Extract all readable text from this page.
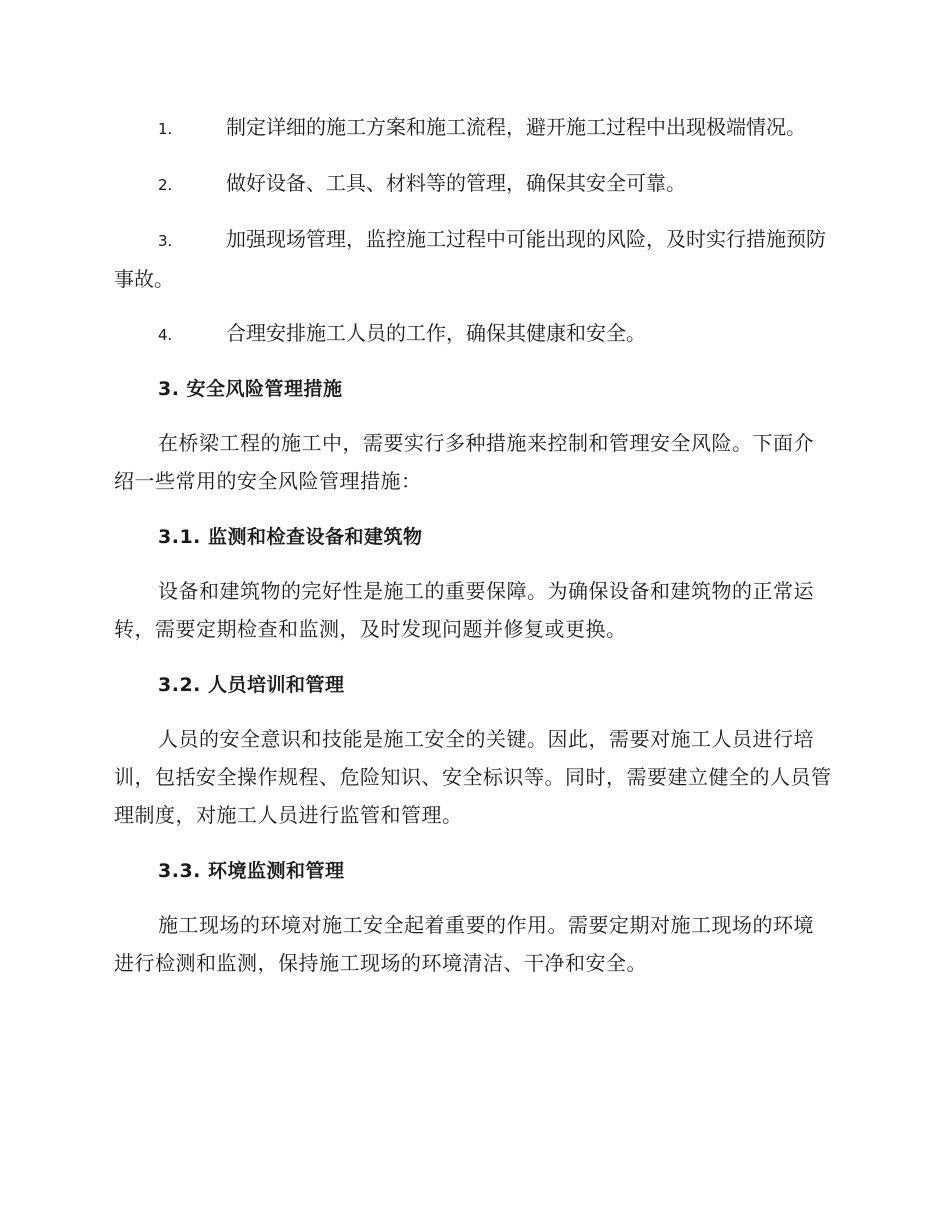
1.	制定详细的施工方案和施工流程，避开施工过程中出现极端情况。
2.	做好设备、工具、材料等的管理，确保其安全可靠。
3.	加强现场管理，监控施工过程中可能出现的风险，及时实行措施预防事故。
4.	合理安排施工人员的工作，确保其健康和安全。
3. 安全风险管理措施

在桥梁工程的施工中，需要实行多种措施来控制和管理安全风险。下面介绍一些常用的安全风险管理措施：

3.1. 监测和检查设备和建筑物

设备和建筑物的完好性是施工的重要保障。为确保设备和建筑物的正常运转，需要定期检查和监测，及时发现问题并修复或更换。

3.2. 人员培训和管理

人员的安全意识和技能是施工安全的关键。因此，需要对施工人员进行培训，包括安全操作规程、危险知识、安全标识等。同时，需要建立健全的人员管理制度，对施工人员进行监管和管理。

3.3. 环境监测和管理

施工现场的环境对施工安全起着重要的作用。需要定期对施工现场的环境进行检测和监测，保持施工现场的环境清洁、干净和安全。
